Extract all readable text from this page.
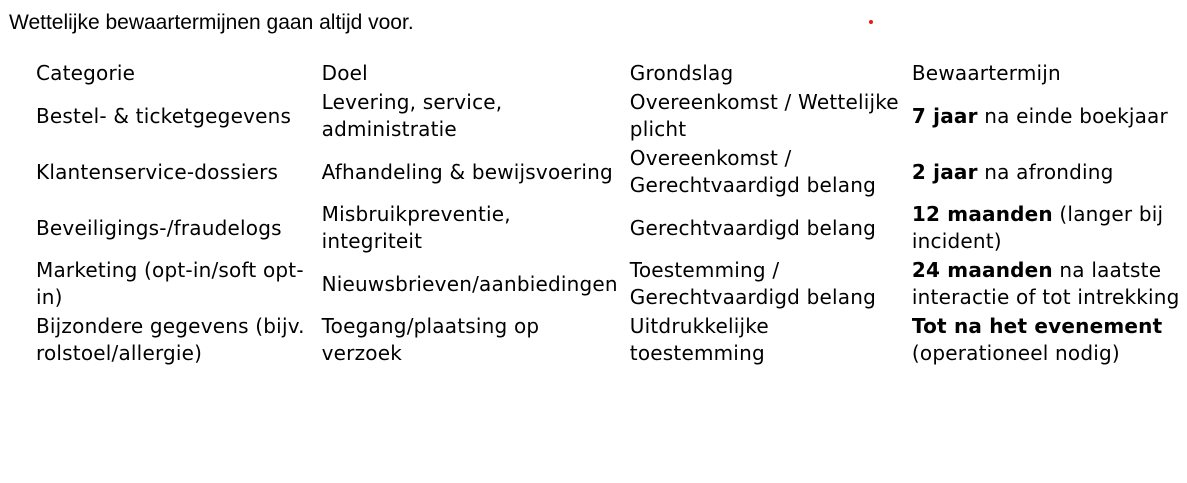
Wettelijke bewaartermijnen gaan altijd voor.
Categorie	Doel	Grondslag	Bewaartermijn
Bestel- & ticketgegevens	Levering, service, administratie	Overeenkomst / Wettelijke plicht	7 jaar na einde boekjaar
Klantenservice-dossiers	Afhandeling & bewijsvoering	Overeenkomst / Gerechtvaardigd belang	2 jaar na afronding
Beveiligings-/fraudelogs	Misbruikpreventie, integriteit	Gerechtvaardigd belang	12 maanden (langer bij incident)
Marketing (opt-in/soft opt-in)	Nieuwsbrieven/aanbiedingen	Toestemming / Gerechtvaardigd belang	24 maanden na laatste interactie of tot intrekking
Bijzondere gegevens (bijv. rolstoel/allergie)	Toegang/plaatsing op verzoek	Uitdrukkelijke toestemming	Tot na het evenement (operationeel nodig)
